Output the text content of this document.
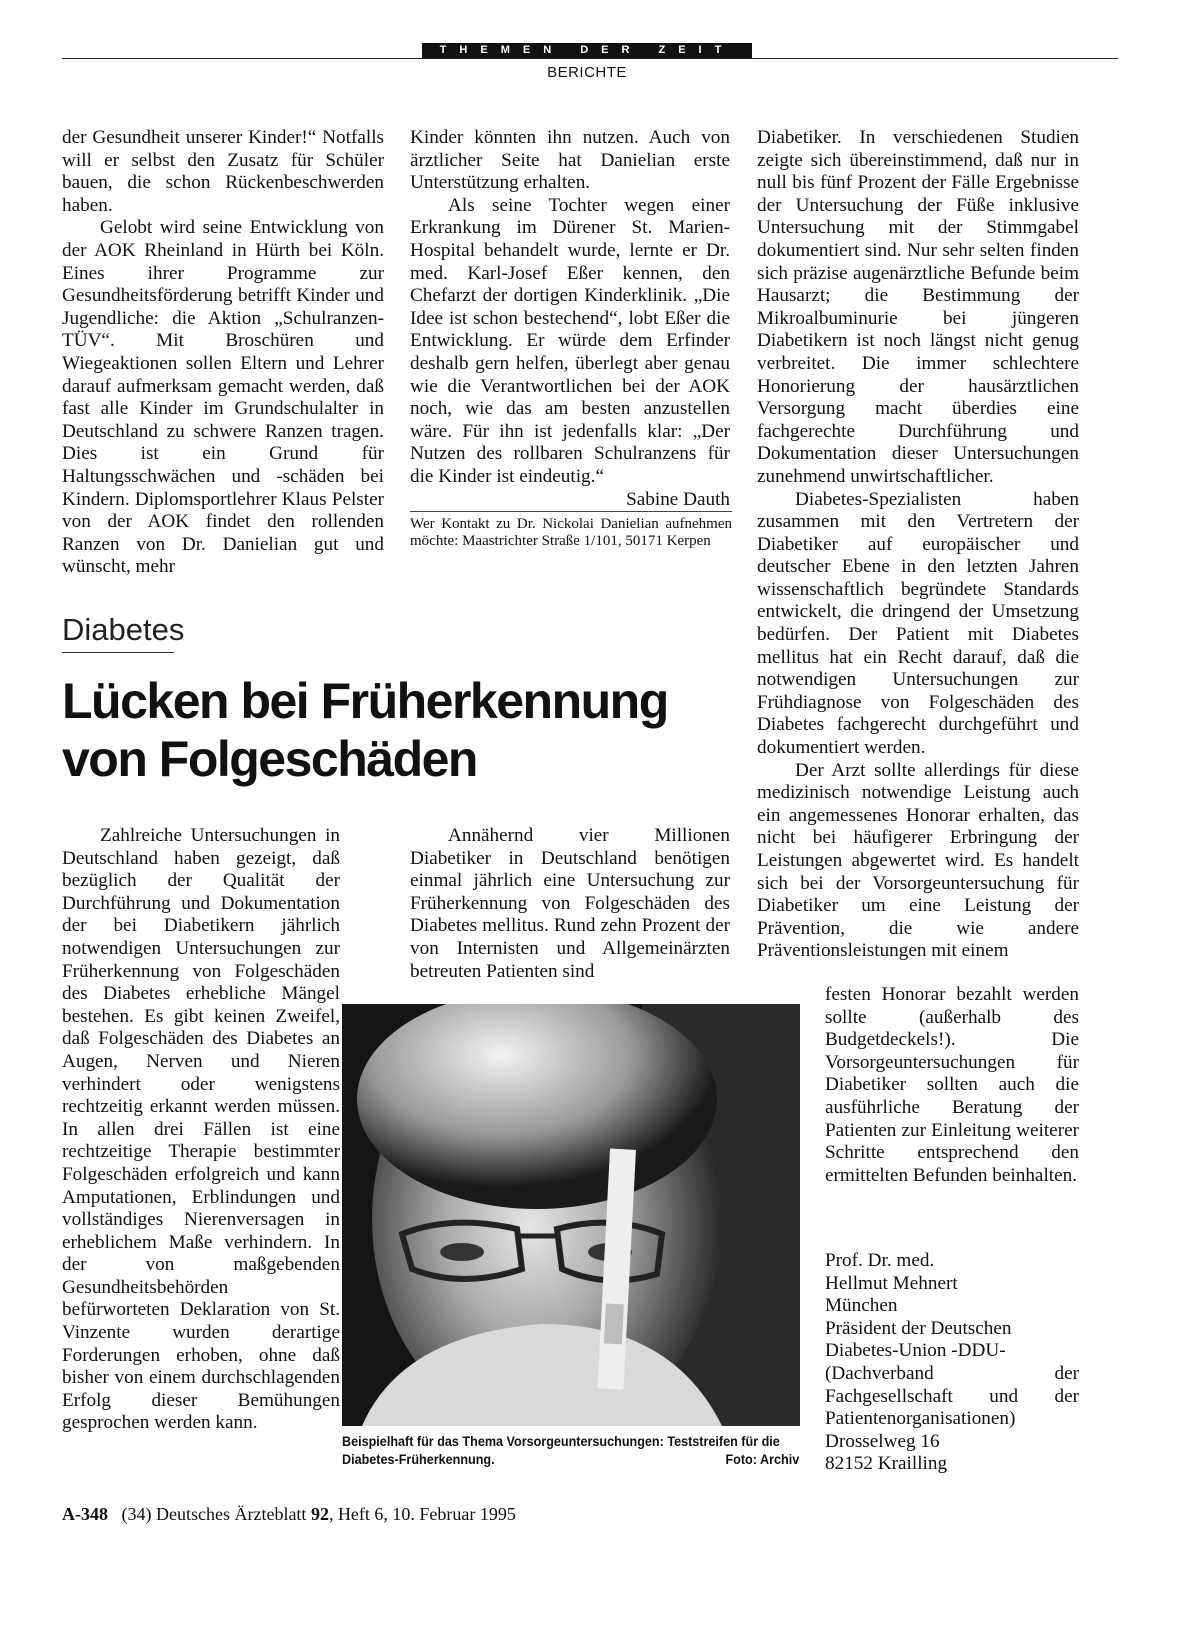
THEMEN DER ZEIT
BERICHTE

der Gesundheit unserer Kinder!“ Notfalls will er selbst den Zusatz für Schüler bauen, die schon Rückenbeschwerden haben.

Gelobt wird seine Entwicklung von der AOK Rheinland in Hürth bei Köln. Eines ihrer Programme zur Gesundheitsförderung betrifft Kinder und Jugendliche: die Aktion „Schulranzen-TÜV“. Mit Broschüren und Wiegeaktionen sollen Eltern und Lehrer darauf aufmerksam gemacht werden, daß fast alle Kinder im Grundschulalter in Deutschland zu schwere Ranzen tragen. Dies ist ein Grund für Haltungsschwächen und -schäden bei Kindern. Diplomsportlehrer Klaus Pelster von der AOK findet den rollenden Ranzen von Dr. Danielian gut und wünscht, mehr

Kinder könnten ihn nutzen. Auch von ärztlicher Seite hat Danielian erste Unterstützung erhalten.

Als seine Tochter wegen einer Erkrankung im Dürener St. Marien-Hospital behandelt wurde, lernte er Dr. med. Karl-Josef Eßer kennen, den Chefarzt der dortigen Kinderklinik. „Die Idee ist schon bestechend“, lobt Eßer die Entwicklung. Er würde dem Erfinder deshalb gern helfen, überlegt aber genau wie die Verantwortlichen bei der AOK noch, wie das am besten anzustellen wäre. Für ihn ist jedenfalls klar: „Der Nutzen des rollbaren Schulranzens für die Kinder ist eindeutig.“

Sabine Dauth
Wer Kontakt zu Dr. Nickolai Danielian aufnehmen möchte: Maastrichter Straße 1/101, 50171 Kerpen

Diabetiker. In verschiedenen Studien zeigte sich übereinstimmend, daß nur in null bis fünf Prozent der Fälle Ergebnisse der Untersuchung der Füße inklusive Untersuchung mit der Stimmgabel dokumentiert sind. Nur sehr selten finden sich präzise augenärztliche Befunde beim Hausarzt; die Bestimmung der Mikroalbuminurie bei jüngeren Diabetikern ist noch längst nicht genug verbreitet. Die immer schlechtere Honorierung der hausärztlichen Versorgung macht überdies eine fachgerechte Durchführung und Dokumentation dieser Untersuchungen zunehmend unwirtschaftlicher.

Diabetes-Spezialisten haben zusammen mit den Vertretern der Diabetiker auf europäischer und deutscher Ebene in den letzten Jahren wissenschaftlich begründete Standards entwickelt, die dringend der Umsetzung bedürfen. Der Patient mit Diabetes mellitus hat ein Recht darauf, daß die notwendigen Untersuchungen zur Frühdiagnose von Folgeschäden des Diabetes fachgerecht durchgeführt und dokumentiert werden.

Der Arzt sollte allerdings für diese medizinisch notwendige Leistung auch ein angemessenes Honorar erhalten, das nicht bei häufigerer Erbringung der Leistungen abgewertet wird. Es handelt sich bei der Vorsorgeuntersuchung für Diabetiker um eine Leistung der Prävention, die wie andere Präventionsleistungen mit einem

Diabetes
Lücken bei Früherkennung von Folgeschäden

Zahlreiche Untersuchungen in Deutschland haben gezeigt, daß bezüglich der Qualität der Durchführung und Dokumentation der bei Diabetikern jährlich notwendigen Untersuchungen zur Früherkennung von Folgeschäden des Diabetes erhebliche Mängel bestehen. Es gibt keinen Zweifel, daß Folgeschäden des Diabetes an Augen, Nerven und Nieren verhindert oder wenigstens rechtzeitig erkannt werden müssen. In allen drei Fällen ist eine rechtzeitige Therapie bestimmter Folgeschäden erfolgreich und kann Amputationen, Erblindungen und vollständiges Nierenversagen in erheblichem Maße verhindern. In der von maßgebenden Gesundheitsbehörden befürworteten Deklaration von St. Vinzente wurden derartige Forderungen erhoben, ohne daß bisher von einem durchschlagenden Erfolg dieser Bemühungen gesprochen werden kann.

Annähernd vier Millionen Diabetiker in Deutschland benötigen einmal jährlich eine Untersuchung zur Früherkennung von Folgeschäden des Diabetes mellitus. Rund zehn Prozent der von Internisten und Allgemeinärzten betreuten Patienten sind

festen Honorar bezahlt werden sollte (außerhalb des Budgetdeckels!). Die Vorsorgeuntersuchungen für Diabetiker sollten auch die ausführliche Beratung der Patienten zur Einleitung weiterer Schritte entsprechend den ermittelten Befunden beinhalten.

Beispielhaft für das Thema Vorsorgeuntersuchungen: Teststreifen für die Diabetes-Früherkennung.	Foto: Archiv
Prof. Dr. med.
Hellmut Mehnert
München
Präsident der Deutschen
Diabetes-Union -DDU-
(Dachverband der Fachgesellschaft und der Patientenorganisationen)
Drosselweg 16
82152 Krailling
A-348 (34) Deutsches Ärzteblatt 92, Heft 6, 10. Februar 1995
